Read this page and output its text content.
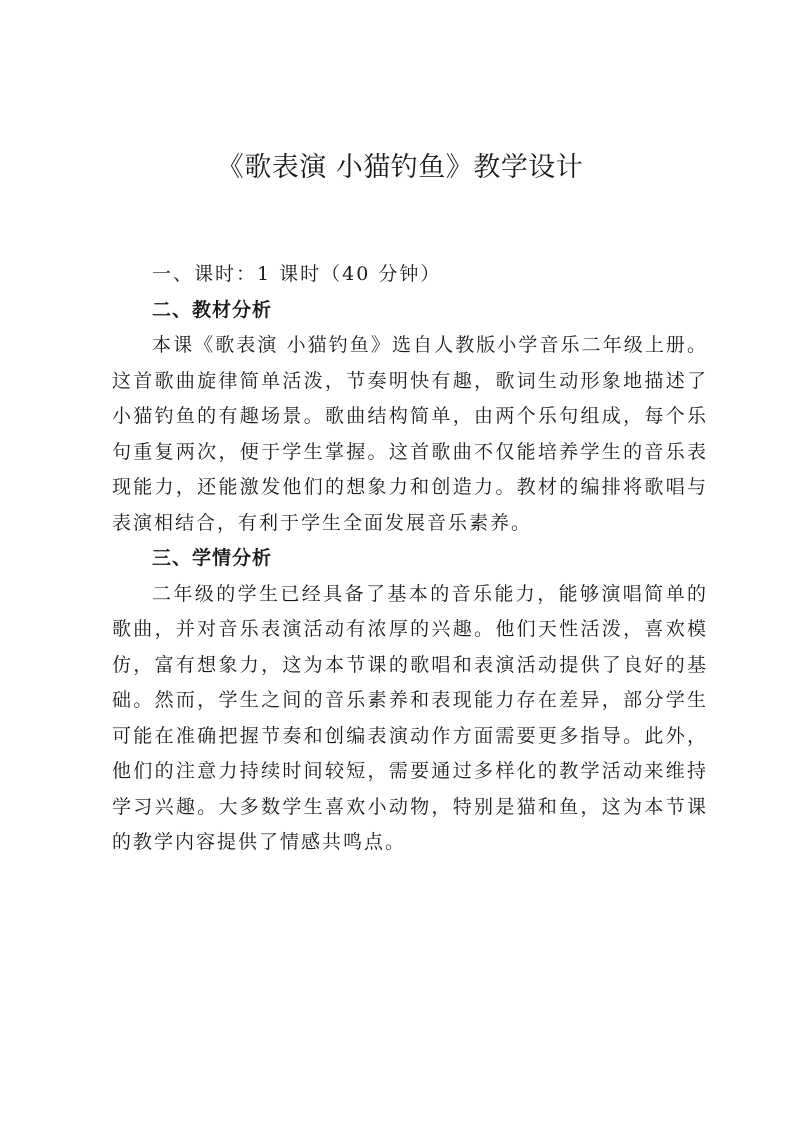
《歌表演 小猫钓鱼》教学设计

一、课时：1 课时（40 分钟）

二、教材分析

本课《歌表演 小猫钓鱼》选自人教版小学音乐二年级上册。

这首歌曲旋律简单活泼，节奏明快有趣，歌词生动形象地描述了

小猫钓鱼的有趣场景。歌曲结构简单，由两个乐句组成，每个乐

句重复两次，便于学生掌握。这首歌曲不仅能培养学生的音乐表

现能力，还能激发他们的想象力和创造力。教材的编排将歌唱与

表演相结合，有利于学生全面发展音乐素养。

三、学情分析

二年级的学生已经具备了基本的音乐能力，能够演唱简单的

歌曲，并对音乐表演活动有浓厚的兴趣。他们天性活泼，喜欢模

仿，富有想象力，这为本节课的歌唱和表演活动提供了良好的基

础。然而，学生之间的音乐素养和表现能力存在差异，部分学生

可能在准确把握节奏和创编表演动作方面需要更多指导。此外，

他们的注意力持续时间较短，需要通过多样化的教学活动来维持

学习兴趣。大多数学生喜欢小动物，特别是猫和鱼，这为本节课

的教学内容提供了情感共鸣点。
